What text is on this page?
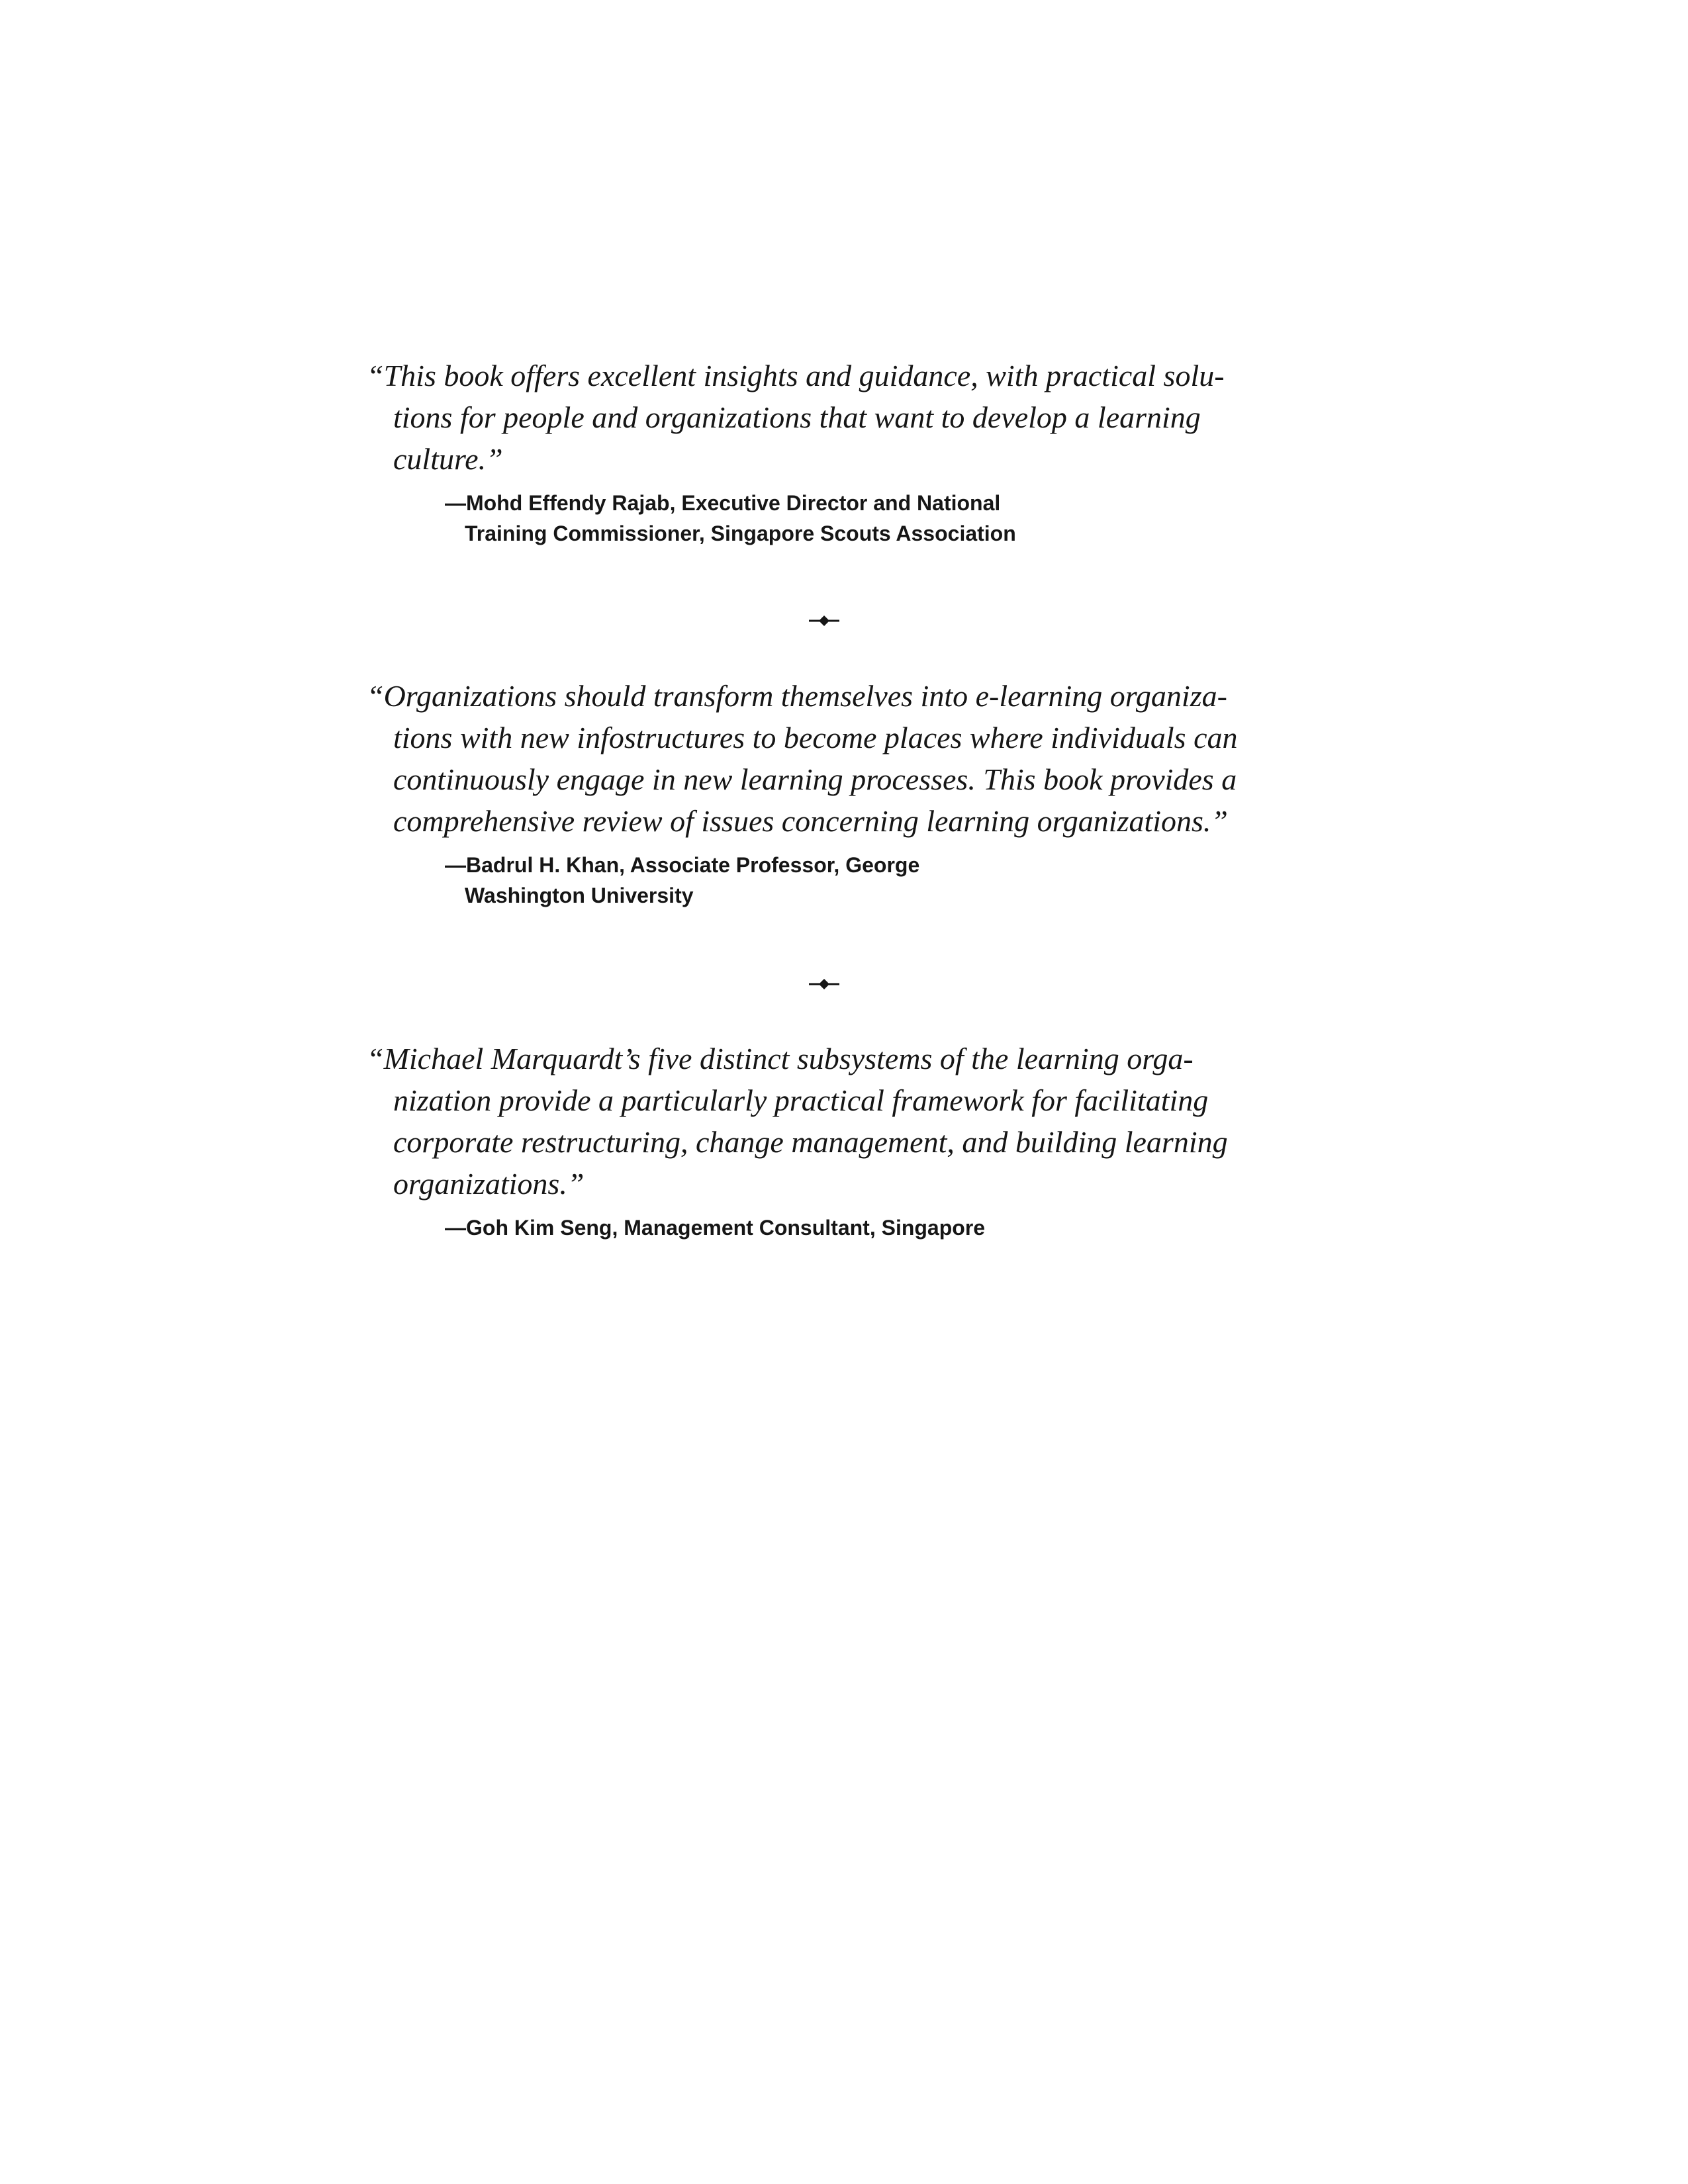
“This book offers excellent insights and guidance, with practical solu-

tions for people and organizations that want to develop a learning

culture.”

—Mohd Effendy Rajab, Executive Director and National

Training Commissioner, Singapore Scouts Association

“Organizations should transform themselves into e-learning organiza-

tions with new infostructures to become places where individuals can

continuously engage in new learning processes. This book provides a

comprehensive review of issues concerning learning organizations.”

—Badrul H. Khan, Associate Professor, George

Washington University

“Michael Marquardt’s five distinct subsystems of the learning orga-

nization provide a particularly practical framework for facilitating

corporate restructuring, change management, and building learning

organizations.”

—Goh Kim Seng, Management Consultant, Singapore
